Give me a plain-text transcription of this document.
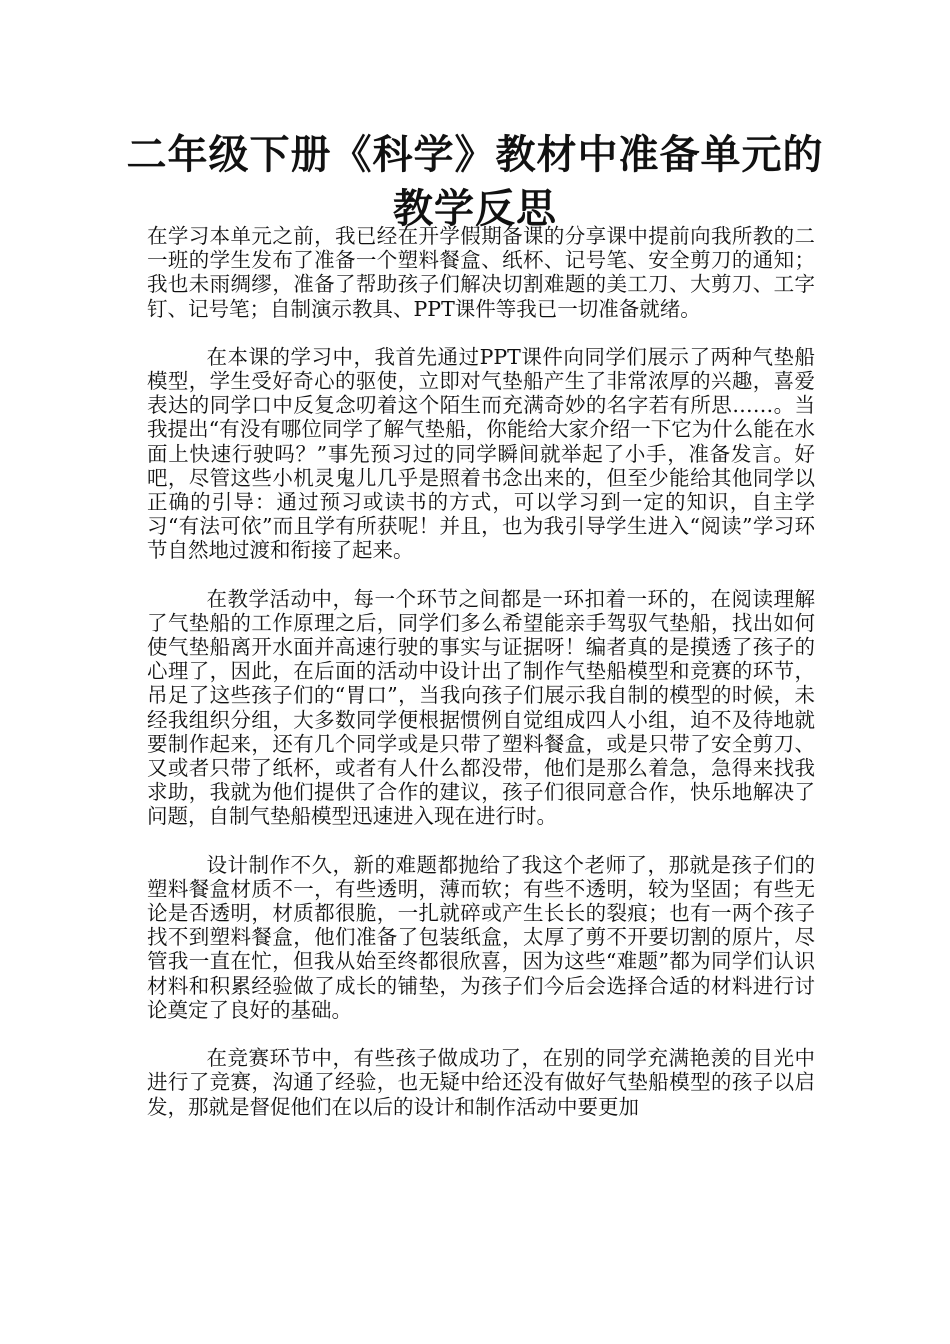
二年级下册《科学》教材中准备单元的
教学反思

在学习本单元之前，我已经在开学假期备课的分享课中提前向我所教的二一班的学生发布了准备一个塑料餐盒、纸杯、记号笔、安全剪刀的通知；我也未雨绸缪，准备了帮助孩子们解决切割难题的美工刀、大剪刀、工字钉、记号笔；自制演示教具、PPT课件等我已一切准备就绪。

在本课的学习中，我首先通过PPT课件向同学们展示了两种气垫船模型，学生受好奇心的驱使，立即对气垫船产生了非常浓厚的兴趣，喜爱表达的同学口中反复念叨着这个陌生而充满奇妙的名字若有所思……。当我提出“有没有哪位同学了解气垫船，你能给大家介绍一下它为什么能在水面上快速行驶吗？”事先预习过的同学瞬间就举起了小手，准备发言。好吧，尽管这些小机灵鬼儿几乎是照着书念出来的，但至少能给其他同学以正确的引导：通过预习或读书的方式，可以学习到一定的知识，自主学习“有法可依”而且学有所获呢！并且，也为我引导学生进入“阅读”学习环节自然地过渡和衔接了起来。

在教学活动中，每一个环节之间都是一环扣着一环的，在阅读理解了气垫船的工作原理之后，同学们多么希望能亲手驾驭气垫船，找出如何使气垫船离开水面并高速行驶的事实与证据呀！编者真的是摸透了孩子的心理了，因此，在后面的活动中设计出了制作气垫船模型和竞赛的环节，吊足了这些孩子们的“胃口”，当我向孩子们展示我自制的模型的时候，未经我组织分组，大多数同学便根据惯例自觉组成四人小组，迫不及待地就要制作起来，还有几个同学或是只带了塑料餐盒，或是只带了安全剪刀、又或者只带了纸杯，或者有人什么都没带，他们是那么着急，急得来找我求助，我就为他们提供了合作的建议，孩子们很同意合作，快乐地解决了问题，自制气垫船模型迅速进入现在进行时。

设计制作不久，新的难题都抛给了我这个老师了，那就是孩子们的塑料餐盒材质不一，有些透明，薄而软；有些不透明，较为坚固；有些无论是否透明，材质都很脆，一扎就碎或产生长长的裂痕；也有一两个孩子找不到塑料餐盒，他们准备了包装纸盒，太厚了剪不开要切割的原片，尽管我一直在忙，但我从始至终都很欣喜，因为这些“难题”都为同学们认识材料和积累经验做了成长的铺垫，为孩子们今后会选择合适的材料进行讨论奠定了良好的基础。

在竞赛环节中，有些孩子做成功了，在别的同学充满艳羡的目光中进行了竞赛，沟通了经验，也无疑中给还没有做好气垫船模型的孩子以启发，那就是督促他们在以后的设计和制作活动中要更加
